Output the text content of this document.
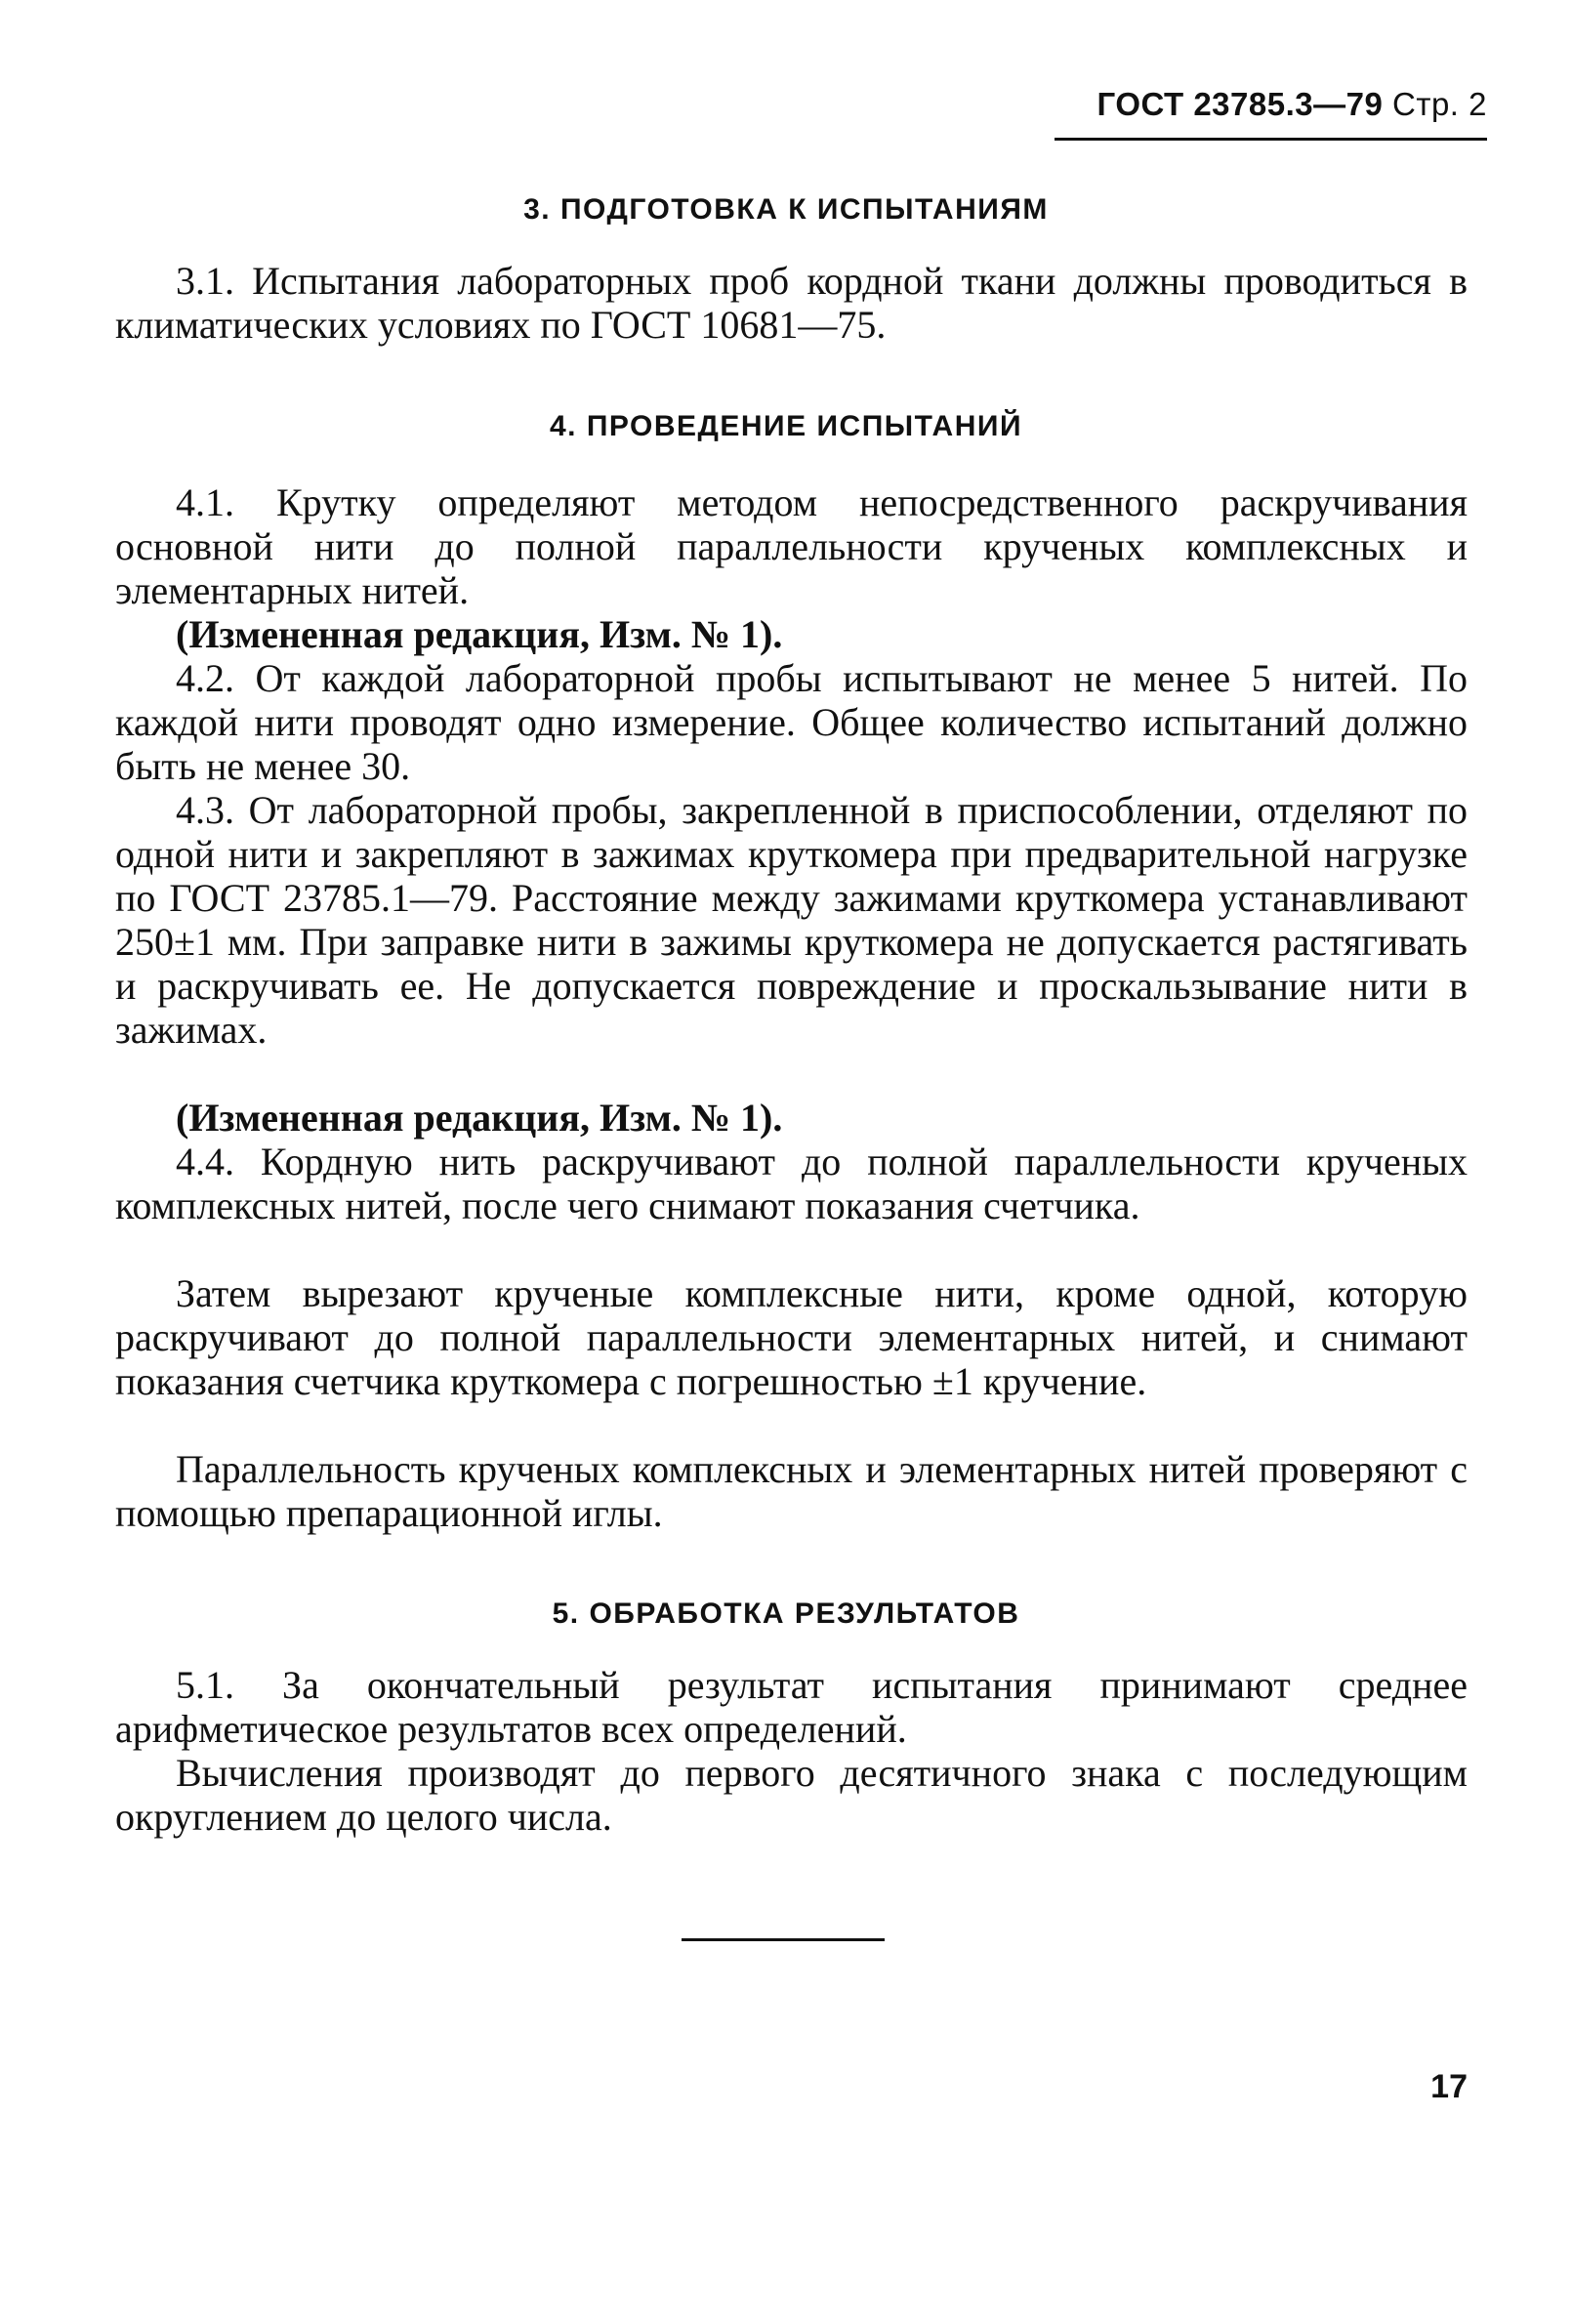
ГОСТ 23785.3—79 Стр. 2
3. ПОДГОТОВКА К ИСПЫТАНИЯМ

3.1. Испытания лабораторных проб кордной ткани должны проводиться в климатических условиях по ГОСТ 10681—75.

4. ПРОВЕДЕНИЕ ИСПЫТАНИЙ

4.1. Крутку определяют методом непосредственного раскручивания основной нити до полной параллельности крученых комплексных и элементарных нитей.

(Измененная редакция, Изм. № 1).

4.2. От каждой лабораторной пробы испытывают не менее 5 нитей. По каждой нити проводят одно измерение. Общее количество испытаний должно быть не менее 30.

4.3. От лабораторной пробы, закрепленной в приспособлении, отделяют по одной нити и закрепляют в зажимах круткомера при предварительной нагрузке по ГОСТ 23785.1—79. Расстояние между зажимами круткомера устанавливают 250±1 мм. При заправке нити в зажимы круткомера не допускается растягивать и раскручивать ее. Не допускается повреждение и проскальзывание нити в зажимах.

(Измененная редакция, Изм. № 1).

4.4. Кордную нить раскручивают до полной параллельности крученых комплексных нитей, после чего снимают показания счетчика.

Затем вырезают крученые комплексные нити, кроме одной, которую раскручивают до полной параллельности элементарных нитей, и снимают показания счетчика круткомера с погрешностью ±1 кручение.

Параллельность крученых комплексных и элементарных нитей проверяют с помощью препарационной иглы.

5. ОБРАБОТКА РЕЗУЛЬТАТОВ

5.1. За окончательный результат испытания принимают среднее арифметическое результатов всех определений.

Вычисления производят до первого десятичного знака с последующим округлением до целого числа.

17
